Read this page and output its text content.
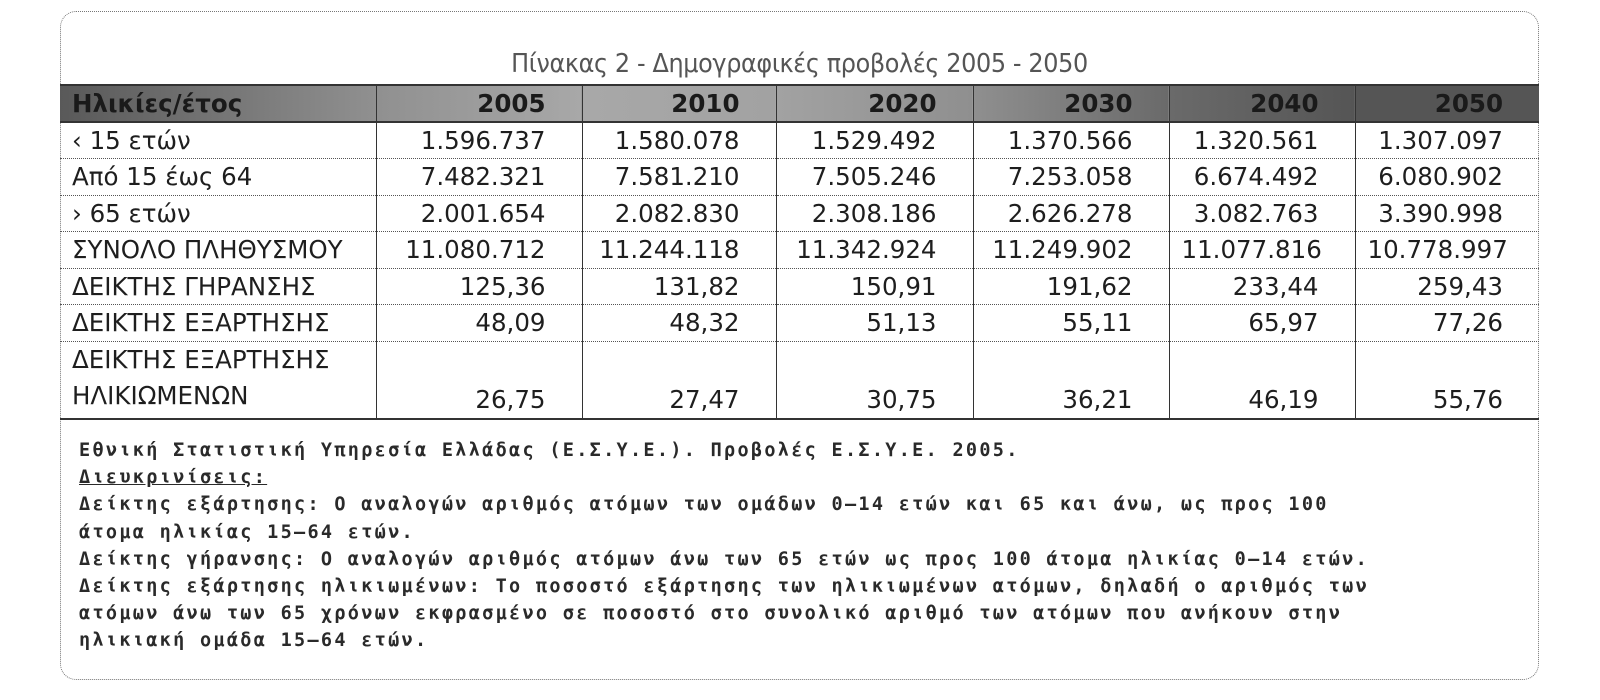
Πίνακας 2 - Δημογραφικές προβολές 2005 - 2050
Ηλικίες/έτος	2005	2010	2020	2030	2040	2050
‹ 15 ετών	1.596.737	1.580.078	1.529.492	1.370.566	1.320.561	1.307.097
Από 15 έως 64	7.482.321	7.581.210	7.505.246	7.253.058	6.674.492	6.080.902
› 65 ετών	2.001.654	2.082.830	2.308.186	2.626.278	3.082.763	3.390.998
ΣΥΝΟΛΟ ΠΛΗΘΥΣΜΟΥ	11.080.712	11.244.118	11.342.924	11.249.902	11.077.816	10.778.997
ΔΕΙΚΤΗΣ ΓΗΡΑΝΣΗΣ	125,36	131,82	150,91	191,62	233,44	259,43
ΔΕΙΚΤΗΣ ΕΞΑΡΤΗΣΗΣ	48,09	48,32	51,13	55,11	65,97	77,26

ΔΕΙΚΤΗΣ ΕΞΑΡΤΗΣΗΣ
ΗΛΙΚΙΩΜΕΝΩΝ	26,75	27,47	30,75	36,21	46,19	55,76
Εθνική Στατιστική Υπηρεσία Ελλάδας (Ε.Σ.Υ.Ε.). Προβολές Ε.Σ.Υ.Ε. 2005.
Διευκρινίσεις:
Δείκτης εξάρτησης: Ο αναλογών αριθμός ατόμων των ομάδων 0–14 ετών και 65 και άνω, ως προς 100
άτομα ηλικίας 15–64 ετών.
Δείκτης γήρανσης: Ο αναλογών αριθμός ατόμων άνω των 65 ετών ως προς 100 άτομα ηλικίας 0–14 ετών.
Δείκτης εξάρτησης ηλικιωμένων: Το ποσοστό εξάρτησης των ηλικιωμένων ατόμων, δηλαδή ο αριθμός των
ατόμων άνω των 65 χρόνων εκφρασμένο σε ποσοστό στο συνολικό αριθμό των ατόμων που ανήκουν στην
ηλικιακή ομάδα 15–64 ετών.
